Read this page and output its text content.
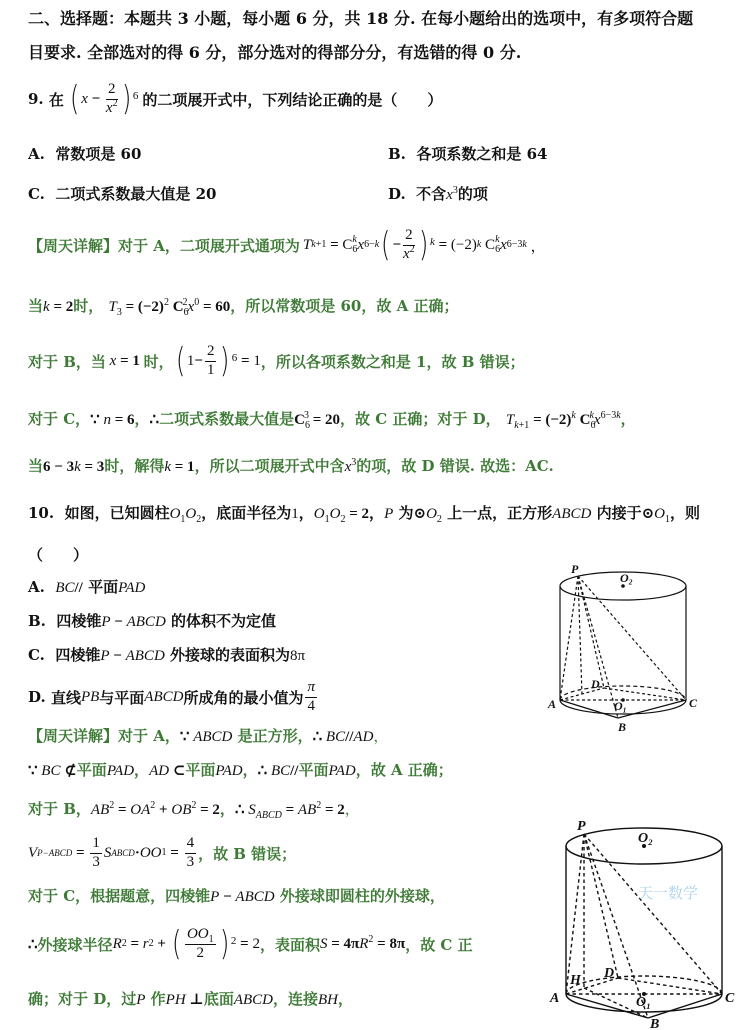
二、选择题：本题共 3 小题，每小题 6 分，共 18 分. 在每小题给出的选项中，有多项符合题
目要求. 全部选对的得 6 分，部分选对的得部分分，有选错的得 0 分.
9.
在 ( $x - \frac{2}{x^2}$ ) 6 的二项展开式中，下列结论正确的是（　　）
A. 常数项是 60	B. 各项系数之和是 64
C. 二项式系数最大值是 20	D. 不含$x^3$的项
【周天详解】 对于 A，二项展开式通项为 T k +1 = C k
6 x 6−k ( − $\frac{2}{x^2}$ ) k = (−2) k
C k
6 x 6−3k
，
当k = 2时， $T_3 = (-2)^2$ $C_6^2x^0 = 60$，所以常数项是 60，故 A 正确；
对于 B，当 x = 1 时， ( $1 - \frac{2}{1}$ ) 6 = 1 ，所以各项系数之和是 1，故 B 错误；
对于 C，∵ n = 6，∴二项式系数最大值是$C_6^3 = 20$，故 C 正确；对于 D， $T_{k+1} = (-2)^k$ $C_6^kx^{6-3k}$，
当6 − 3k = 3时，解得k = 1，所以二项展开式中含$x^3$的项，故 D 错误. 故选：AC.
10. 如图，已知圆柱$O_1O_2$，底面半径为1，$O_1O_2 = 2$，P 为$⊙O_2$ 上一点，正方形ABCD 内接于$⊙O_1$，则
（　　）
A. BC// 平面PAD
B. 四棱锥P − ABCD 的体积不为定值
C. 四棱锥P − ABCD 外接球的表面积为8π
D.
直线 PB 与平面 ABCD 所成角的最小值为 $\frac{\pi}{4}$
【周天详解】对于 A，∵ ABCD 是正方形，∴ BC//AD，
∵ BC ⊄平面PAD，AD ⊂平面PAD，∴ BC//平面PAD，故 A 正确；
对于 B，$AB^2 = OA^2 + OB^2 = 2$，∴ $S_{ABCD} = AB^2 = 2$，
V P−ABCD = $\frac{1}{3}$ S ABCD · OO $1 = \frac{4}{3}$ ，故 B 错误；
对于 C，根据题意，四棱锥P − ABCD 外接球即圆柱的外接球，
∴ 外接球半径 R 2 = r 2 + ( $\frac{OO_1}{2}$ ) 2 = 2 ，表面积 $S = 4\pi R^2 = 8\pi$ ，故 C 正
确；对于 D，过P 作PH ⊥底面ABCD，连接BH，
P
O₂
A
D
O₁	C
B
天一数学
P
O₂
H
A
D
O₁	C
B
